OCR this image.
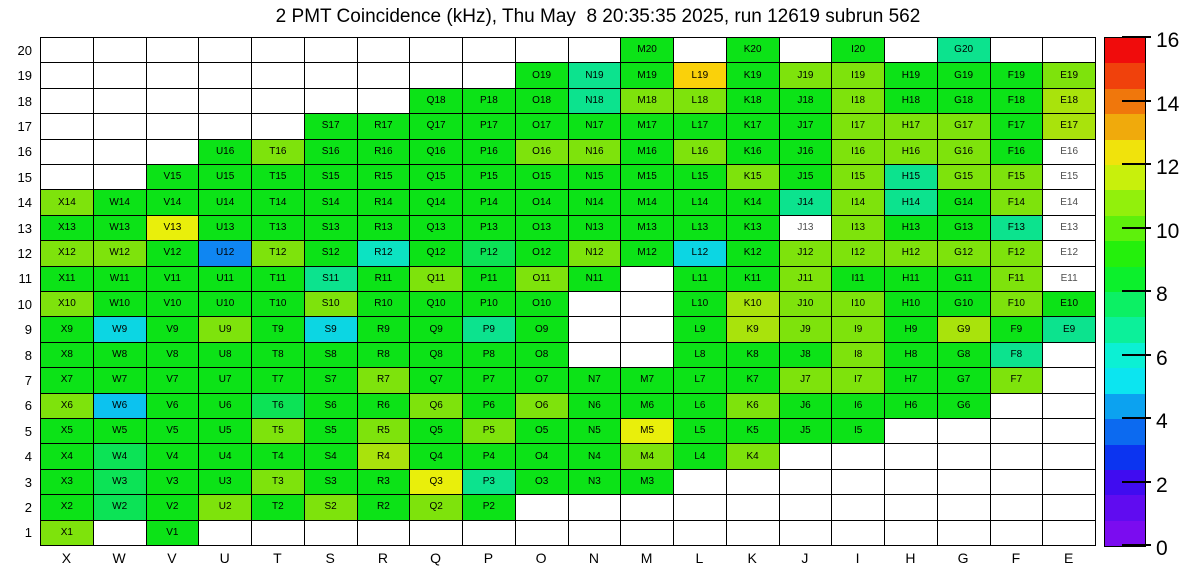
2 PMT Coincidence (kHz), Thu May  8 20:35:35 2025, run 12619 subrun 562
M20	K20	I20	G20
O19	N19	M19	L19	K19	J19	I19	H19	G19	F19	E19
Q18	P18	O18	N18	M18	L18	K18	J18	I18	H18	G18	F18	E18
S17	R17	Q17	P17	O17	N17	M17	L17	K17	J17	I17	H17	G17	F17	E17
U16	T16	S16	R16	Q16	P16	O16	N16	M16	L16	K16	J16	I16	H16	G16	F16	E16
V15	U15	T15	S15	R15	Q15	P15	O15	N15	M15	L15	K15	J15	I15	H15	G15	F15	E15
X14	W14	V14	U14	T14	S14	R14	Q14	P14	O14	N14	M14	L14	K14	J14	I14	H14	G14	F14	E14
X13	W13	V13	U13	T13	S13	R13	Q13	P13	O13	N13	M13	L13	K13	J13	I13	H13	G13	F13	E13
X12	W12	V12	U12	T12	S12	R12	Q12	P12	O12	N12	M12	L12	K12	J12	I12	H12	G12	F12	E12
X11	W11	V11	U11	T11	S11	R11	Q11	P11	O11	N11	L11	K11	J11	I11	H11	G11	F11	E11
X10	W10	V10	U10	T10	S10	R10	Q10	P10	O10	L10	K10	J10	I10	H10	G10	F10	E10
X9	W9	V9	U9	T9	S9	R9	Q9	P9	O9	L9	K9	J9	I9	H9	G9	F9	E9
X8	W8	V8	U8	T8	S8	R8	Q8	P8	O8	L8	K8	J8	I8	H8	G8	F8
X7	W7	V7	U7	T7	S7	R7	Q7	P7	O7	N7	M7	L7	K7	J7	I7	H7	G7	F7
X6	W6	V6	U6	T6	S6	R6	Q6	P6	O6	N6	M6	L6	K6	J6	I6	H6	G6
X5	W5	V5	U5	T5	S5	R5	Q5	P5	O5	N5	M5	L5	K5	J5	I5
X4	W4	V4	U4	T4	S4	R4	Q4	P4	O4	N4	M4	L4	K4
X3	W3	V3	U3	T3	S3	R3	Q3	P3	O3	N3	M3
X2	W2	V2	U2	T2	S2	R2	Q2	P2
X1	V1
20
19
18
17
16
15
14
13
12
11
10
9
8
7
6
5
4
3
2
1
X	W	V	U	T	S	R	Q	P	O	N	M	L	K	J	I	H	G	F	E	0
2
4
6
8
10
12
14
16
